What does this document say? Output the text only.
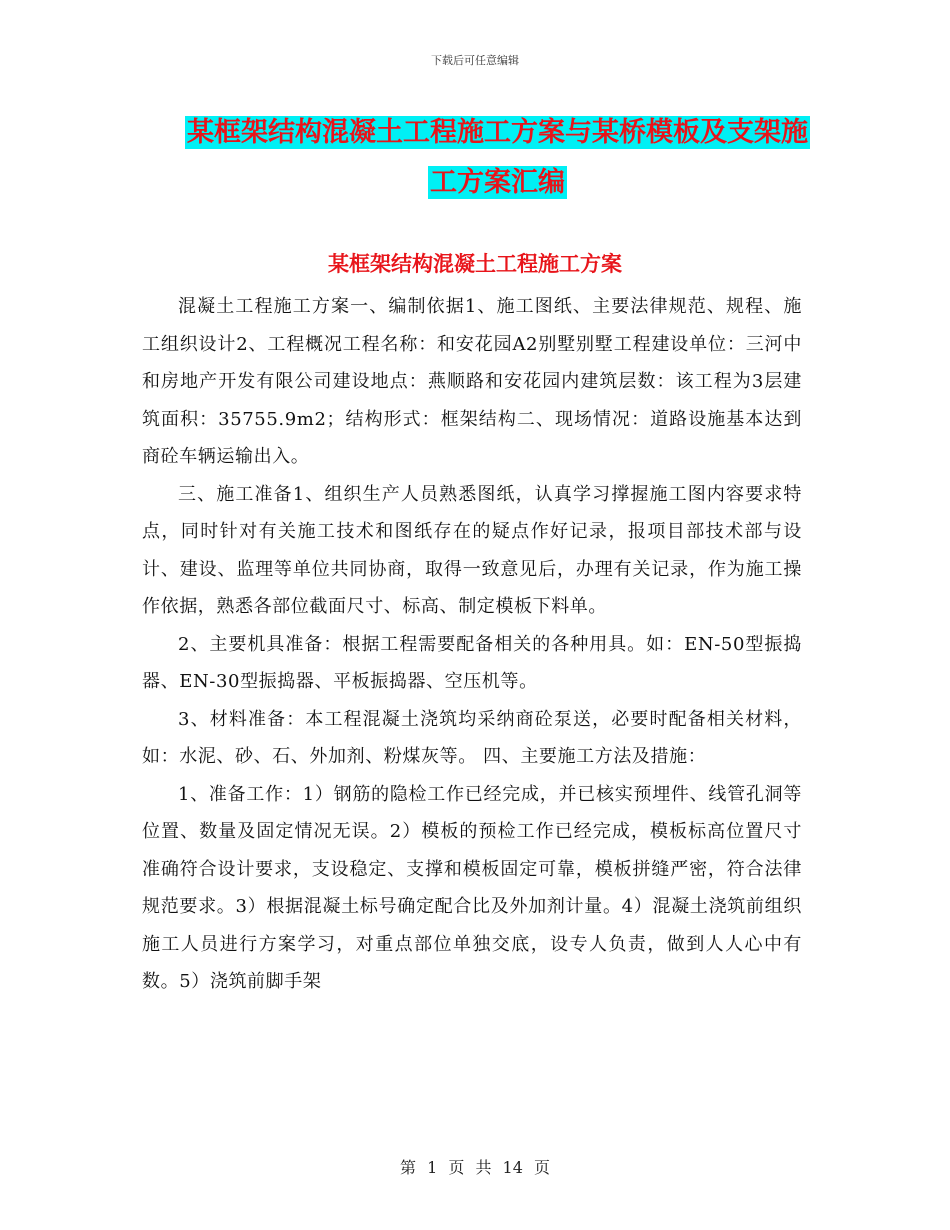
下载后可任意编辑
某框架结构混凝土工程施工方案与某桥模板及支架施
工方案汇编
某框架结构混凝土工程施工方案

混凝土工程施工方案一、编制依据1、施工图纸、主要法律规范、规程、施工组织设计2、工程概况工程名称：和安花园A2别墅别墅工程建设单位：三河中和房地产开发有限公司建设地点：燕顺路和安花园内建筑层数：该工程为3层建筑面积：35755.9m2；结构形式：框架结构二、现场情况：道路设施基本达到商砼车辆运输出入。

三、施工准备1、组织生产人员熟悉图纸，认真学习撑握施工图内容要求特点，同时针对有关施工技术和图纸存在的疑点作好记录，报项目部技术部与设计、建设、监理等单位共同协商，取得一致意见后，办理有关记录，作为施工操作依据，熟悉各部位截面尺寸、标高、制定模板下料单。

2、主要机具准备：根据工程需要配备相关的各种用具。如：EN-50型振捣器、EN-30型振捣器、平板振捣器、空压机等。

3、材料准备：本工程混凝土浇筑均采纳商砼泵送，必要时配备相关材料，如：水泥、砂、石、外加剂、粉煤灰等。 四、主要施工方法及措施：

1、准备工作：1）钢筋的隐检工作已经完成，并已核实预埋件、线管孔洞等位置、数量及固定情况无误。2）模板的预检工作已经完成，模板标高位置尺寸准确符合设计要求，支设稳定、支撑和模板固定可靠，模板拼缝严密，符合法律规范要求。3）根据混凝土标号确定配合比及外加剂计量。4）混凝土浇筑前组织施工人员进行方案学习，对重点部位单独交底，设专人负责，做到人人心中有数。5）浇筑前脚手架

第 1 页 共 14 页
